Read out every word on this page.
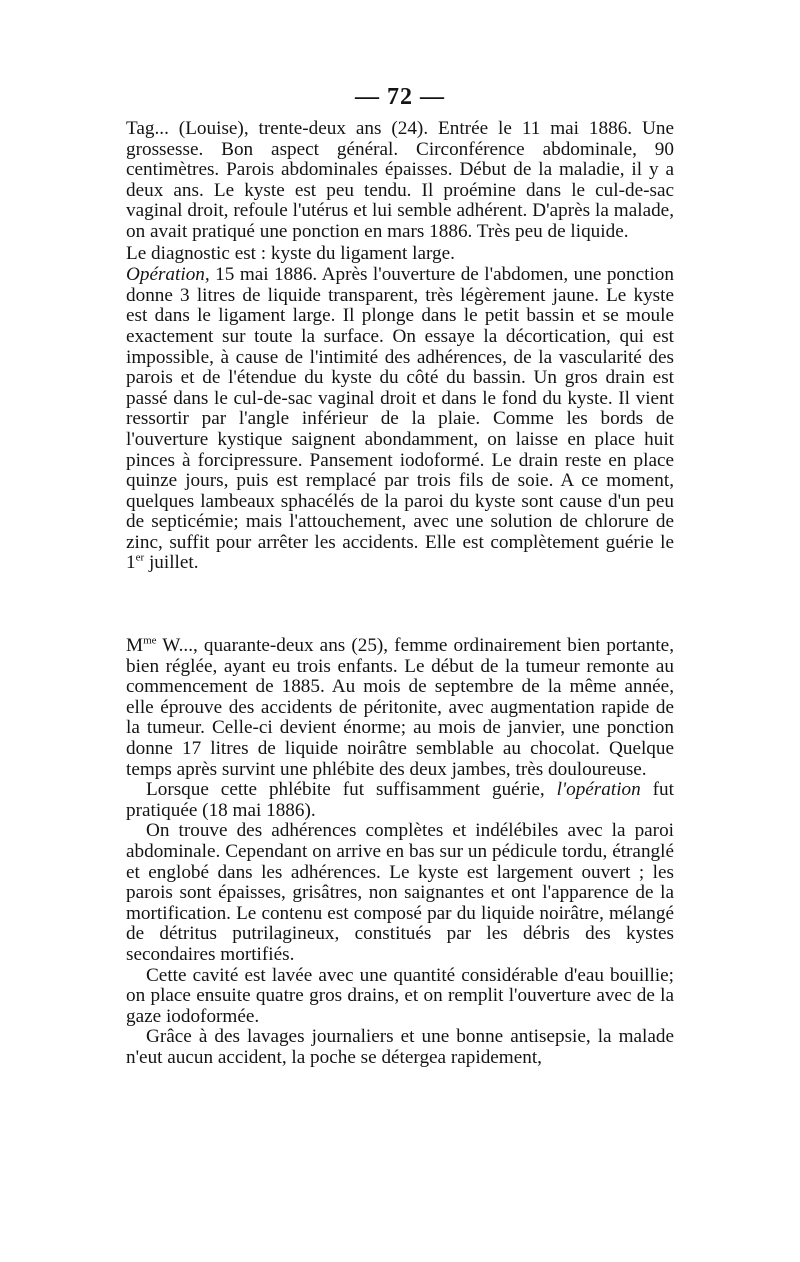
— 72 —

Tag... (Louise), trente-deux ans (24). Entrée le 11 mai 1886. Une grossesse. Bon aspect général. Circonférence abdominale, 90 centimètres. Parois abdominales épaisses. Début de la maladie, il y a deux ans. Le kyste est peu tendu. Il proémine dans le cul-de-sac vaginal droit, refoule l'utérus et lui semble adhérent. D'après la malade, on avait pratiqué une ponction en mars 1886. Très peu de liquide.

Le diagnostic est : kyste du ligament large.

Opération, 15 mai 1886. Après l'ouverture de l'abdomen, une ponction donne 3 litres de liquide transparent, très légèrement jaune. Le kyste est dans le ligament large. Il plonge dans le petit bassin et se moule exactement sur toute la surface. On essaye la décortication, qui est impossible, à cause de l'intimité des adhérences, de la vascularité des parois et de l'étendue du kyste du côté du bassin. Un gros drain est passé dans le cul-de-sac vaginal droit et dans le fond du kyste. Il vient ressortir par l'angle inférieur de la plaie. Comme les bords de l'ouverture kystique saignent abondamment, on laisse en place huit pinces à forcipressure. Pansement iodoformé. Le drain reste en place quinze jours, puis est remplacé par trois fils de soie. A ce moment, quelques lambeaux sphacélés de la paroi du kyste sont cause d'un peu de septicémie; mais l'attouchement, avec une solution de chlorure de zinc, suffit pour arrêter les accidents. Elle est complètement guérie le 1er juillet.

$M^{me}$ W..., quarante-deux ans (25), femme ordinairement bien portante, bien réglée, ayant eu trois enfants. Le début de la tumeur remonte au commencement de 1885. Au mois de septembre de la même année, elle éprouve des accidents de péritonite, avec augmentation rapide de la tumeur. Celle-ci devient énorme; au mois de janvier, une ponction donne 17 litres de liquide noirâtre semblable au chocolat. Quelque temps après survint une phlébite des deux jambes, très douloureuse.

Lorsque cette phlébite fut suffisamment guérie, l'opération fut pratiquée (18 mai 1886).

On trouve des adhérences complètes et indélébiles avec la paroi abdominale. Cependant on arrive en bas sur un pédicule tordu, étranglé et englobé dans les adhérences. Le kyste est largement ouvert ; les parois sont épaisses, grisâtres, non saignantes et ont l'apparence de la mortification. Le contenu est composé par du liquide noirâtre, mélangé de détritus putrilagineux, constitués par les débris des kystes secondaires mortifiés.

Cette cavité est lavée avec une quantité considérable d'eau bouillie; on place ensuite quatre gros drains, et on remplit l'ouverture avec de la gaze iodoformée.

Grâce à des lavages journaliers et une bonne antisepsie, la malade n'eut aucun accident, la poche se détergea rapidement,
